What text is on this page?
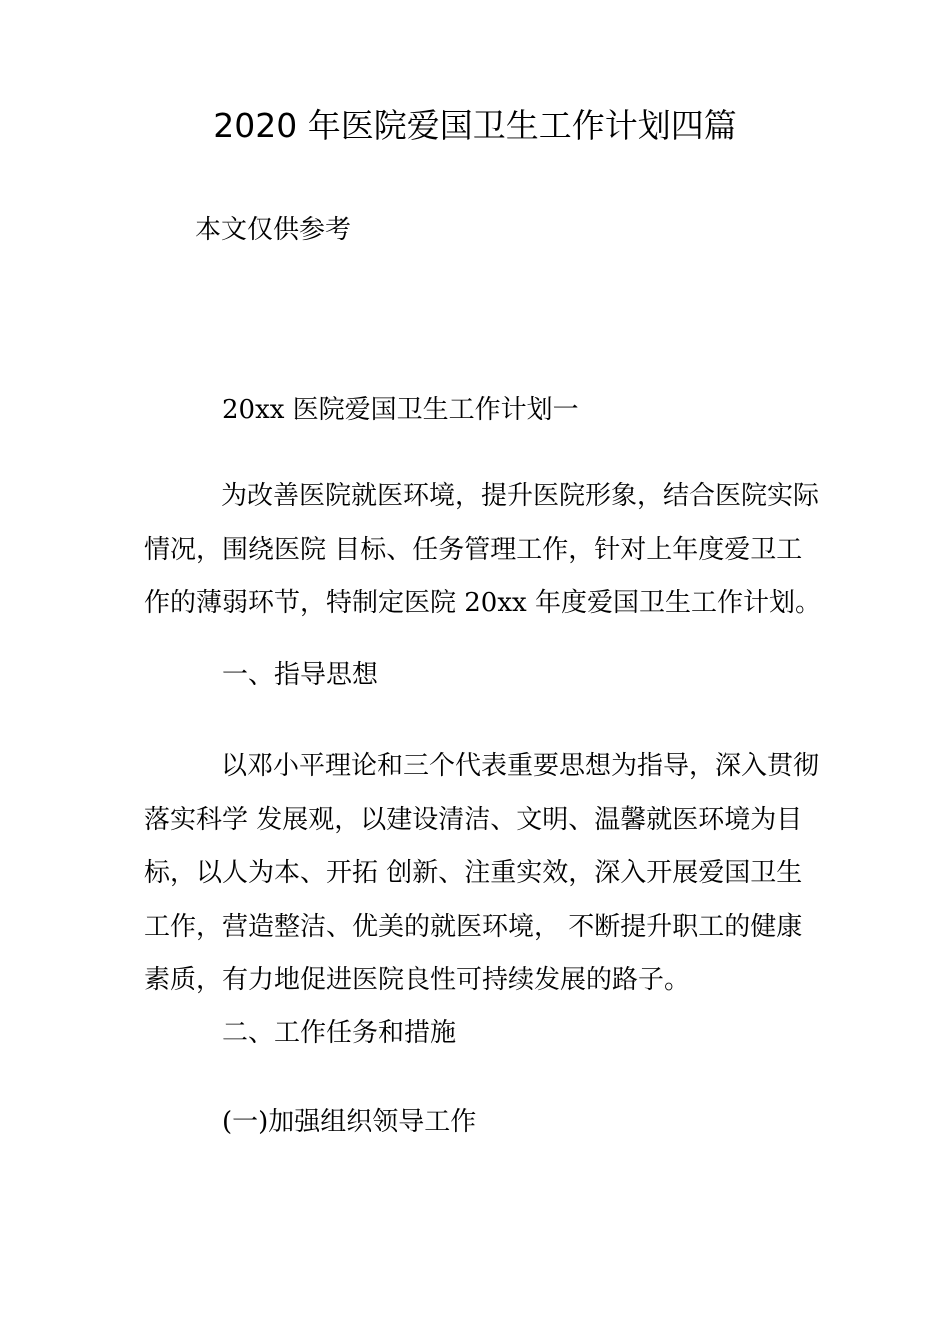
2020 年医院爱国卫生工作计划四篇
本文仅供参考
20xx 医院爱国卫生工作计划一
为改善医院就医环境，提升医院形象，结合医院实际
情况，围绕医院 目标、任务管理工作，针对上年度爱卫工
作的薄弱环节，特制定医院 20xx 年度爱国卫生工作计划。
一、指导思想
以邓小平理论和三个代表重要思想为指导，深入贯彻
落实科学 发展观，以建设清洁、文明、温馨就医环境为目
标，以人为本、开拓 创新、注重实效，深入开展爱国卫生
工作，营造整洁、优美的就医环境， 不断提升职工的健康
素质，有力地促进医院良性可持续发展的路子。
二、工作任务和措施
(一)加强组织领导工作
